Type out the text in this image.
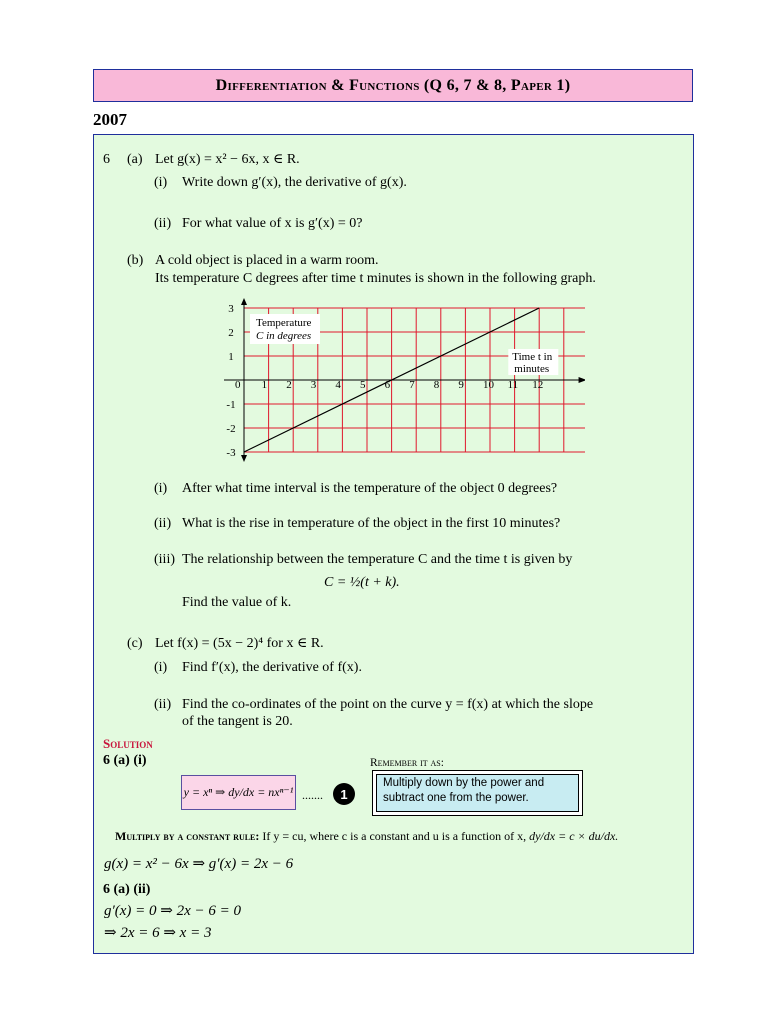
Differentiation & Functions (Q 6, 7 & 8, Paper 1)
2007
6 (a) Let g(x) = x² − 6x, x ∈ R.
(i) Write down g′(x), the derivative of g(x).
(ii) For what value of x is g′(x) = 0?
(b) A cold object is placed in a warm room.
Its temperature C degrees after time t minutes is shown in the following graph.
0 1 2 3 4 5 6 7 8 9 10 11 12
3
2
1
-1
-2
-3
Temperature
C in degrees
Time t in
minutes
(i) After what time interval is the temperature of the object 0 degrees?
(ii) What is the rise in temperature of the object in the first 10 minutes?
(iii) The relationship between the temperature C and the time t is given by
C = ½(t + k).
Find the value of k.
(c) Let f(x) = (5x − 2)⁴ for x ∈ R.
(i) Find f′(x), the derivative of f(x).
(ii) Find the co-ordinates of the point on the curve y = f(x) at which the slope
of the tangent is 20.
Solution
6 (a) (i)	Remember it as:
y = xⁿ ⇒ dy/dx = nxⁿ⁻¹ .......	1
Multiply down by the power and
subtract one from the power.
Multiply by a constant rule: If y = cu, where c is a constant and u is a function of x, dy/dx = c × du/dx.
g(x) = x² − 6x ⇒ g′(x) = 2x − 6
6 (a) (ii)
g′(x) = 0 ⇒ 2x − 6 = 0
⇒ 2x = 6 ⇒ x = 3
